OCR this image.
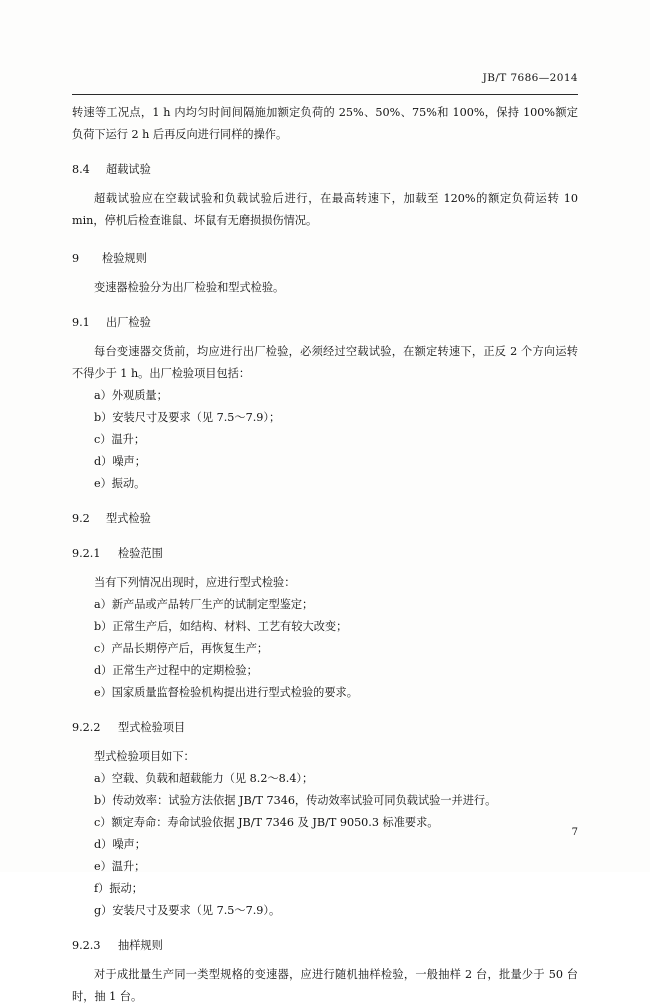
JB/T 7686—2014

转速等工况点，1 h 内均匀时间间隔施加额定负荷的 25%、50%、75%和 100%，保持 100%额定负荷下运行 2 h 后再反向进行同样的操作。

8.4 超载试验

超载试验应在空载试验和负载试验后进行，在最高转速下，加载至 120%的额定负荷运转 10 min，停机后检查谁鼠、坏鼠有无磨损损伤情况。

9 检验规则

变速器检验分为出厂检验和型式检验。

9.1 出厂检验

每台变速器交货前，均应进行出厂检验，必须经过空载试验，在额定转速下，正反 2 个方向运转不得少于 1 h。出厂检验项目包括：

a）外观质量；

b）安装尺寸及要求（见 7.5～7.9）；

c）温升；

d）噪声；

e）振动。

9.2 型式检验

9.2.1 检验范围

当有下列情况出现时，应进行型式检验：

a）新产品或产品转厂生产的试制定型鉴定；

b）正常生产后，如结构、材料、工艺有较大改变；

c）产品长期停产后，再恢复生产；

d）正常生产过程中的定期检验；

e）国家质量监督检验机构提出进行型式检验的要求。

9.2.2 型式检验项目

型式检验项目如下：

a）空载、负载和超载能力（见 8.2～8.4）；

b）传动效率：试验方法依据 JB/T 7346，传动效率试验可同负载试验一并进行。

c）额定寿命：寿命试验依据 JB/T 7346 及 JB/T 9050.3 标准要求。

d）噪声；

e）温升；

f）振动；

g）安装尺寸及要求（见 7.5～7.9）。

9.2.3 抽样规则

对于成批量生产同一类型规格的变速器，应进行随机抽样检验，一般抽样 2 台，批量少于 50 台时，抽 1 台。

7
